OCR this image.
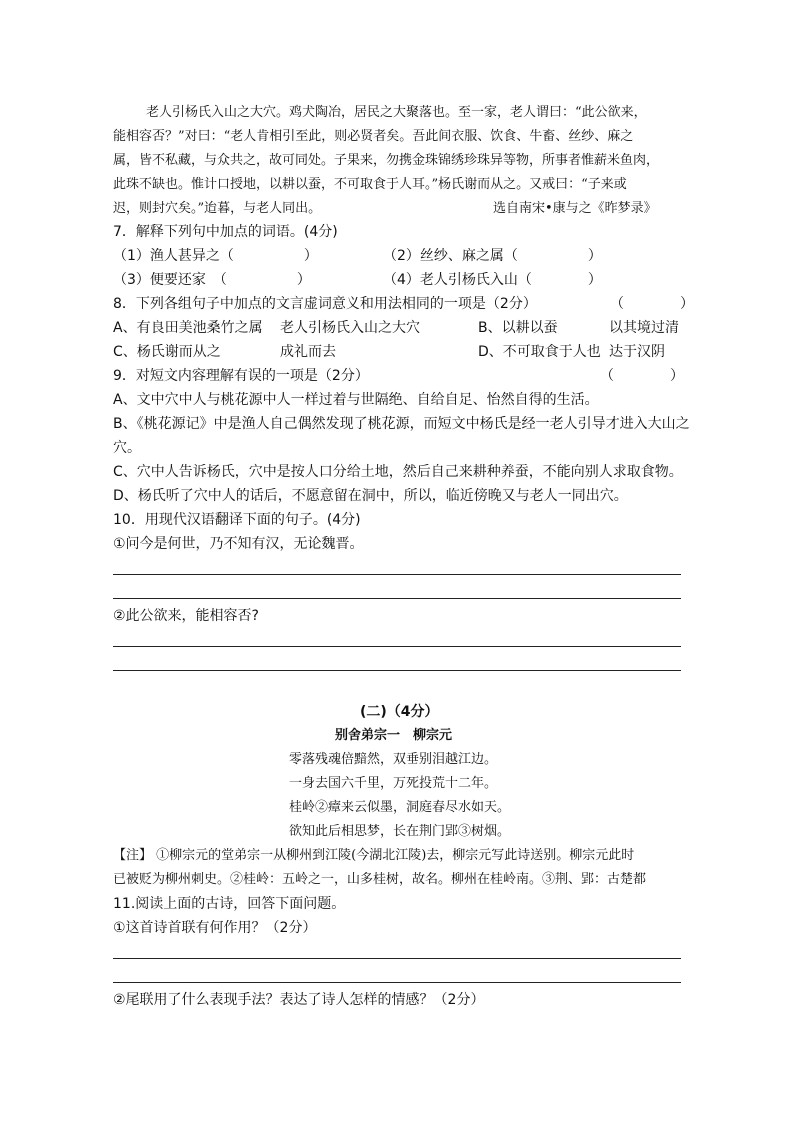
老人引杨氏入山之大穴。鸡犬陶冶，居民之大聚落也。至一家，老人谓曰：“此公欲来，
能相容否？”对曰：“老人肯相引至此，则必贤者矣。吾此间衣服、饮食、牛畜、丝纱、麻之
属，皆不私藏，与众共之，故可同处。子果来，勿携金珠锦绣珍珠异等物，所事者惟薪米鱼肉，
此珠不缺也。惟计口授地，以耕以蚕，不可取食于人耳。”杨氏谢而从之。又戒曰：“子来或
迟，则封穴矣。”迨暮，与老人同出。	选自南宋•康与之《昨梦录》
7．解释下列句中加点的词语。(4分)
（1）渔人甚异之（　　　　　）	（2）丝纱、麻之属（　　　　　）
（3）便要还家　（　　　　　）	（4）老人引杨氏入山（　　　　）
8．下列各组句子中加点的文言虚词意义和用法相同的一项是（2分）	（　　　　）
A、有良田美池桑竹之属 老人引杨氏入山之大穴	B、以耕以蚕	以其境过清
C、杨氏谢而从之	成礼而去	D、不可取食于人也 达于汉阴
9．对短文内容理解有误的一项是（2分）	（　　　　）
A、文中穴中人与桃花源中人一样过着与世隔绝、自给自足、怡然自得的生活。
B、《桃花源记》中是渔人自己偶然发现了桃花源，而短文中杨氏是经一老人引导才进入大山之
穴。
C、穴中人告诉杨氏，穴中是按人口分给土地，然后自己来耕种养蚕，不能向别人求取食物。
D、杨氏听了穴中人的话后，不愿意留在洞中，所以，临近傍晚又与老人一同出穴。
10．用现代汉语翻译下面的句子。(4分)
①问今是何世，乃不知有汉，无论魏晋。
②此公欲来，能相容否?
(二)（4分）
别舍弟宗一　柳宗元
零落残魂倍黯然，双垂别泪越江边。
一身去国六千里，万死投荒十二年。
桂岭②瘴来云似墨，洞庭春尽水如天。
欲知此后相思梦，长在荆门郢③树烟。
【注】 ①柳宗元的堂弟宗一从柳州到江陵(今湖北江陵)去，柳宗元写此诗送别。柳宗元此时
已被贬为柳州刺史。②桂岭：五岭之一，山多桂树，故名。柳州在桂岭南。③荆、郢：古楚都
11.阅读上面的古诗，回答下面问题。
①这首诗首联有何作用？（2分）
②尾联用了什么表现手法？表达了诗人怎样的情感？（2分）
